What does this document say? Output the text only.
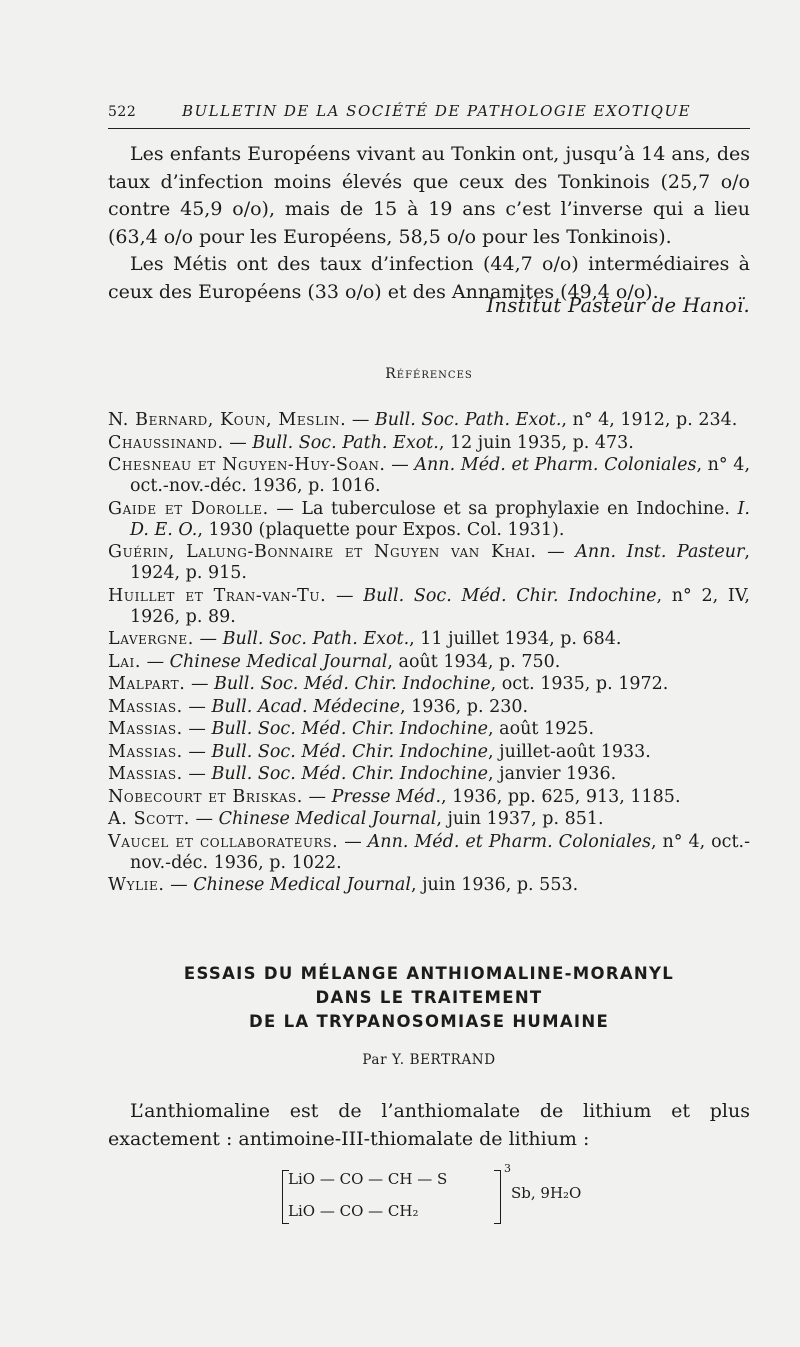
522	BULLETIN DE LA SOCIÉTÉ DE PATHOLOGIE EXOTIQUE

Les enfants Européens vivant au Tonkin ont, jusqu’à 14 ans, des taux d’infection moins élevés que ceux des Tonkinois (25,7 o/o contre 45,9 o/o), mais de 15 à 19 ans c’est l’inverse qui a lieu (63,4 o/o pour les Européens, 58,5 o/o pour les Tonkinois).

Les Métis ont des taux d’infection (44,7 o/o) intermédiaires à ceux des Européens (33 o/o) et des Annamites (49,4 o/o).

Institut Pasteur de Hanoï.
Références

N. Bernard, Koun, Meslin. — Bull. Soc. Path. Exot., n° 4, 1912, p. 234.

Chaussinand. — Bull. Soc. Path. Exot., 12 juin 1935, p. 473.

Chesneau et Nguyen-Huy-Soan. — Ann. Méd. et Pharm. Coloniales, n° 4, oct.-nov.-déc. 1936, p. 1016.

Gaide et Dorolle. — La tuberculose et sa prophylaxie en Indochine. I. D. E. O., 1930 (plaquette pour Expos. Col. 1931).

Guérin, Lalung-Bonnaire et Nguyen van Khai. — Ann. Inst. Pasteur, 1924, p. 915.

Huillet et Tran-van-Tu. — Bull. Soc. Méd. Chir. Indochine, n° 2, IV, 1926, p. 89.

Lavergne. — Bull. Soc. Path. Exot., 11 juillet 1934, p. 684.

Lai. — Chinese Medical Journal, août 1934, p. 750.

Malpart. — Bull. Soc. Méd. Chir. Indochine, oct. 1935, p. 1972.

Massias. — Bull. Acad. Médecine, 1936, p. 230.

Massias. — Bull. Soc. Méd. Chir. Indochine, août 1925.

Massias. — Bull. Soc. Méd. Chir. Indochine, juillet-août 1933.

Massias. — Bull. Soc. Méd. Chir. Indochine, janvier 1936.

Nobecourt et Briskas. — Presse Méd., 1936, pp. 625, 913, 1185.

A. Scott. — Chinese Medical Journal, juin 1937, p. 851.

Vaucel et collaborateurs. — Ann. Méd. et Pharm. Coloniales, n° 4, oct.-nov.-déc. 1936, p. 1022.

Wylie. — Chinese Medical Journal, juin 1936, p. 553.

ESSAIS DU MÉLANGE ANTHIOMALINE-MORANYL
DANS LE TRAITEMENT
DE LA TRYPANOSOMIASE HUMAINE
Par Y. BERTRAND

L’anthiomaline est de l’anthiomalate de lithium et plus exactement : antimoine-III-thiomalate de lithium :

LiO — CO — CH — S
LiO — CO — CH₂
3
Sb, 9H₂O
